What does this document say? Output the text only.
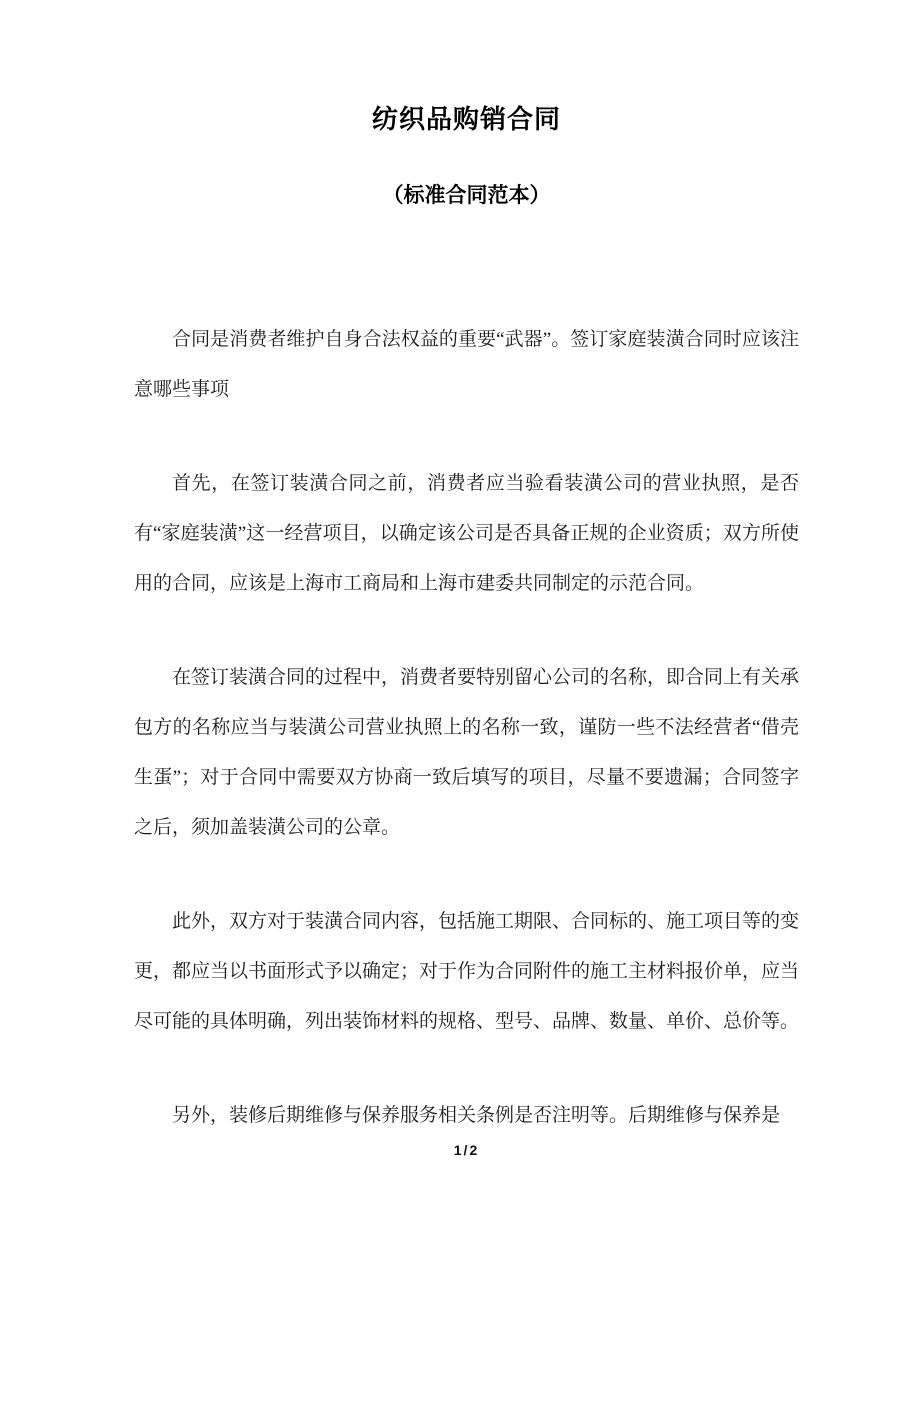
纺织品购销合同
（标准合同范本）

合同是消费者维护自身合法权益的重要“武器”。签订家庭装潢合同时应该注意哪些事项

首先，在签订装潢合同之前，消费者应当验看装潢公司的营业执照，是否有“家庭装潢”这一经营项目，以确定该公司是否具备正规的企业资质；双方所使用的合同，应该是上海市工商局和上海市建委共同制定的示范合同。

在签订装潢合同的过程中，消费者要特别留心公司的名称，即合同上有关承包方的名称应当与装潢公司营业执照上的名称一致，谨防一些不法经营者“借壳生蛋”；对于合同中需要双方协商一致后填写的项目，尽量不要遗漏；合同签字之后，须加盖装潢公司的公章。

此外，双方对于装潢合同内容，包括施工期限、合同标的、施工项目等的变更，都应当以书面形式予以确定；对于作为合同附件的施工主材料报价单，应当尽可能的具体明确，列出装饰材料的规格、型号、品牌、数量、单价、总价等。

另外，装修后期维修与保养服务相关条例是否注明等。后期维修与保养是

1/2
